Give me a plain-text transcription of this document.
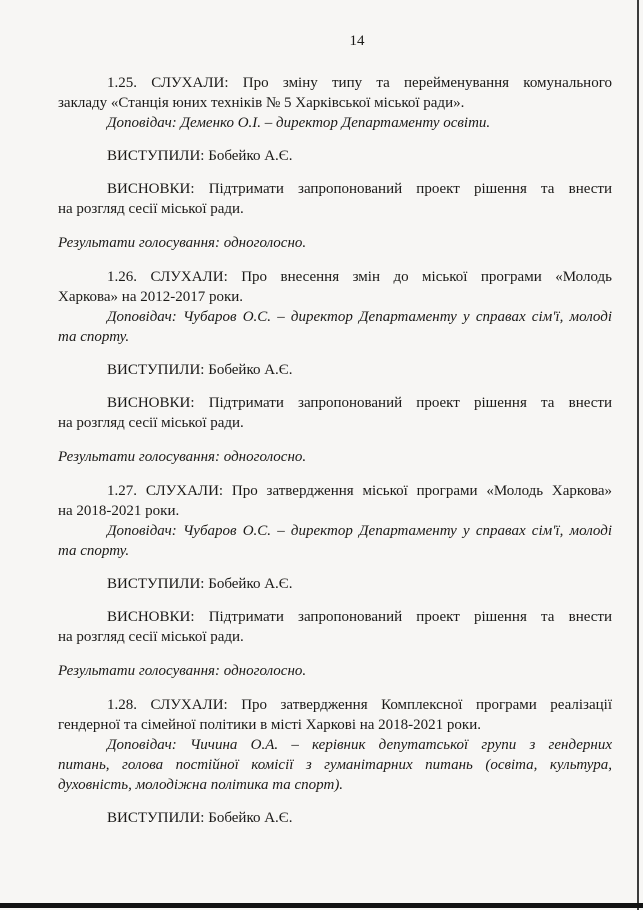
14

1.25. СЛУХАЛИ: Про зміну типу та перейменування комунального
закладу «Станція юних техніків № 5 Харківської міської ради».

Доповідач: Деменко О.І. – директор Департаменту освіти.

ВИСТУПИЛИ: Бобейко А.Є.

ВИСНОВКИ: Підтримати запропонований проект рішення та внести
на розгляд сесії міської ради.

Результати голосування: одноголосно.

1.26. СЛУХАЛИ: Про внесення змін до міської програми «Молодь
Харкова» на 2012-2017 роки.

Доповідач: Чубаров О.С. – директор Департаменту у справах сім'ї, молоді
та спорту.

ВИСТУПИЛИ: Бобейко А.Є.

ВИСНОВКИ: Підтримати запропонований проект рішення та внести
на розгляд сесії міської ради.

Результати голосування: одноголосно.

1.27. СЛУХАЛИ: Про затвердження міської програми «Молодь Харкова»
на 2018-2021 роки.

Доповідач: Чубаров О.С. – директор Департаменту у справах сім'ї, молоді
та спорту.

ВИСТУПИЛИ: Бобейко А.Є.

ВИСНОВКИ: Підтримати запропонований проект рішення та внести
на розгляд сесії міської ради.

Результати голосування: одноголосно.

1.28. СЛУХАЛИ: Про затвердження Комплексної програми реалізації
гендерної та сімейної політики в місті Харкові на 2018-2021 роки.

Доповідач: Чичина О.А. – керівник депутатської групи з гендерних
питань, голова постійної комісії з гуманітарних питань (освіта, культура,
духовність, молодіжна політика та спорт).

ВИСТУПИЛИ: Бобейко А.Є.
